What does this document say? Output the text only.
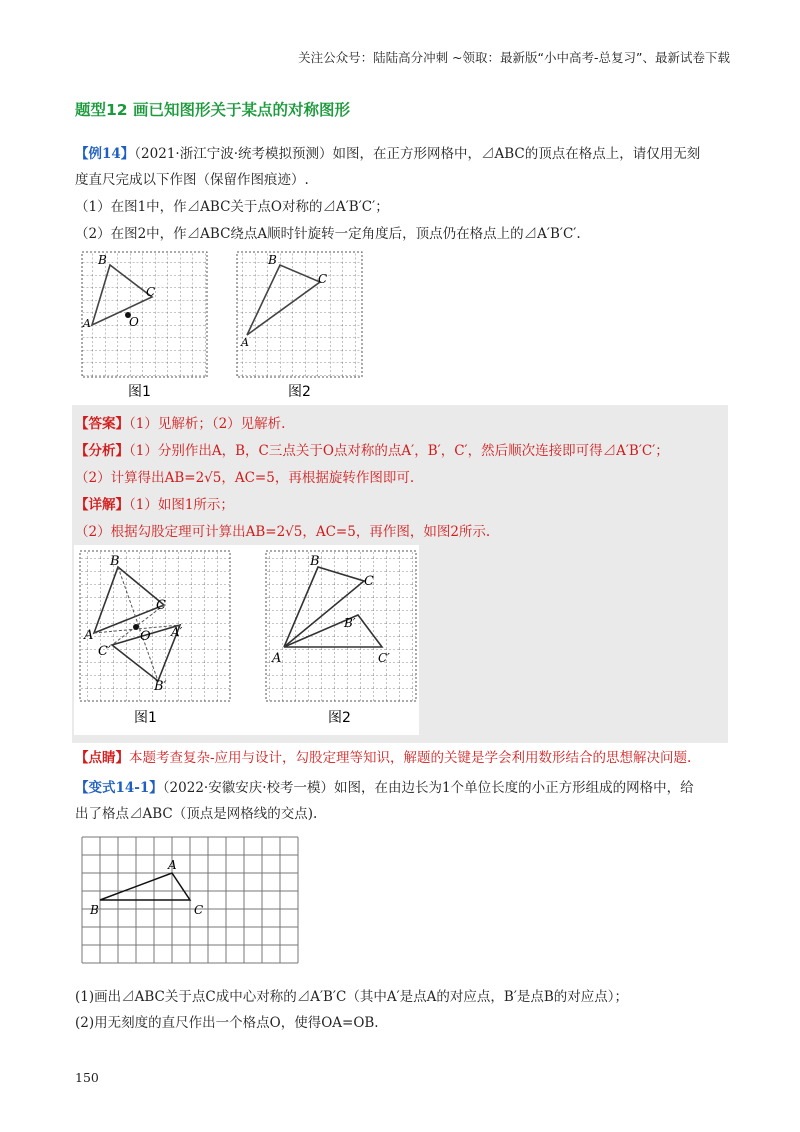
关注公众号：陆陆高分冲刺 ~领取：最新版“小中高考-总复习”、最新试卷下载
题型12 画已知图形关于某点的对称图形
【例14】（2021·浙江宁波·统考模拟预测）如图，在正方形网格中，⊿ABC的顶点在格点上，请仅用无刻
度直尺完成以下作图（保留作图痕迹）.
（1）在图1中，作⊿ABC关于点O对称的⊿A′B′C′；
（2）在图2中，作⊿ABC绕点A顺时针旋转一定角度后，顶点仍在格点上的⊿A′B′C′.
B
C
A	O
图1
B
C
A
图2
【答案】（1）见解析；（2）见解析.
【分析】（1）分别作出A，B，C三点关于O点对称的点A′，B′，C′，然后顺次连接即可得⊿A′B′C′；
（2）计算得出AB=2√5，AC=5，再根据旋转作图即可.
【详解】（1）如图1所示；
（2）根据勾股定理可计算出AB=2√5，AC=5，再作图，如图2所示.
B
C
A	O A′
C′
B′
图1
B
C
A
B′
C′
图2
【点睛】本题考查复杂-应用与设计，勾股定理等知识，解题的关键是学会利用数形结合的思想解决问题.
【变式14-1】（2022·安徽安庆·校考一模）如图，在由边长为1个单位长度的小正方形组成的网格中，给
出了格点⊿ABC（顶点是网格线的交点).
A
B	C
(1)画出⊿ABC关于点C成中心对称的⊿A′B′C（其中A′是点A的对应点，B′是点B的对应点）；
(2)用无刻度的直尺作出一个格点O，使得OA=OB.
150
